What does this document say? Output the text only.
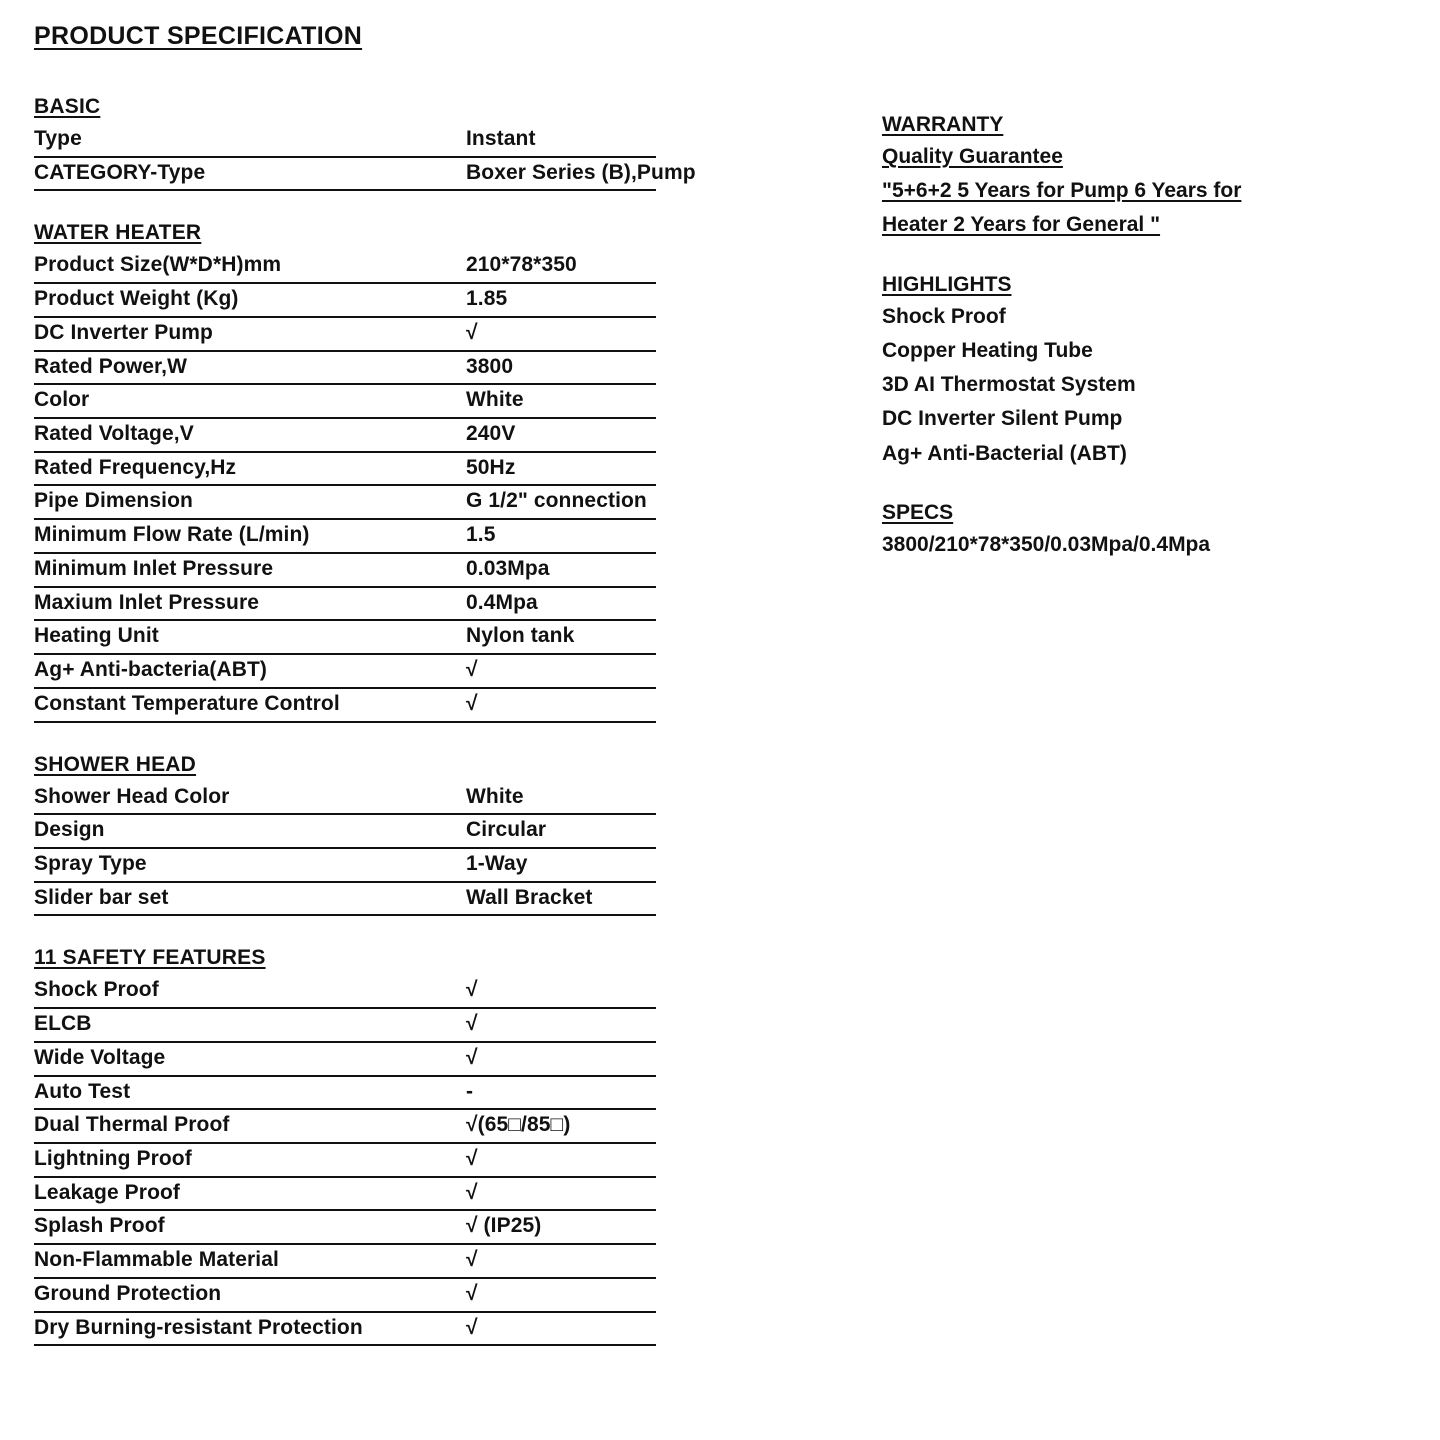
PRODUCT SPECIFICATION
BASIC
Type	Instant
CATEGORY-Type	Boxer Series (B),Pump
WATER HEATER
Product Size(W*D*H)mm	210*78*350
Product Weight (Kg)	1.85
DC Inverter Pump	√
Rated Power,W	3800
Color	White
Rated Voltage,V	240V
Rated Frequency,Hz	50Hz
Pipe Dimension	G 1/2" connection
Minimum Flow Rate (L/min)	1.5
Minimum Inlet Pressure	0.03Mpa
Maxium Inlet Pressure	0.4Mpa
Heating Unit	Nylon tank
Ag+ Anti-bacteria(ABT)	√
Constant Temperature Control	√
SHOWER HEAD
Shower Head Color	White
Design	Circular
Spray Type	1-Way
Slider bar set	Wall Bracket
11 SAFETY FEATURES
Shock Proof	√
ELCB	√
Wide Voltage	√
Auto Test	-
Dual Thermal Proof	√(65□/85□)
Lightning Proof	√
Leakage Proof	√
Splash Proof	√ (IP25)
Non-Flammable Material	√
Ground Protection	√
Dry Burning-resistant Protection	√
WARRANTY
Quality Guarantee
"5+6+2 5 Years for Pump 6 Years for
Heater 2 Years for General "
HIGHLIGHTS
Shock Proof
Copper Heating Tube
3D AI Thermostat System
DC Inverter Silent Pump
Ag+ Anti-Bacterial (ABT)
SPECS
3800/210*78*350/0.03Mpa/0.4Mpa
